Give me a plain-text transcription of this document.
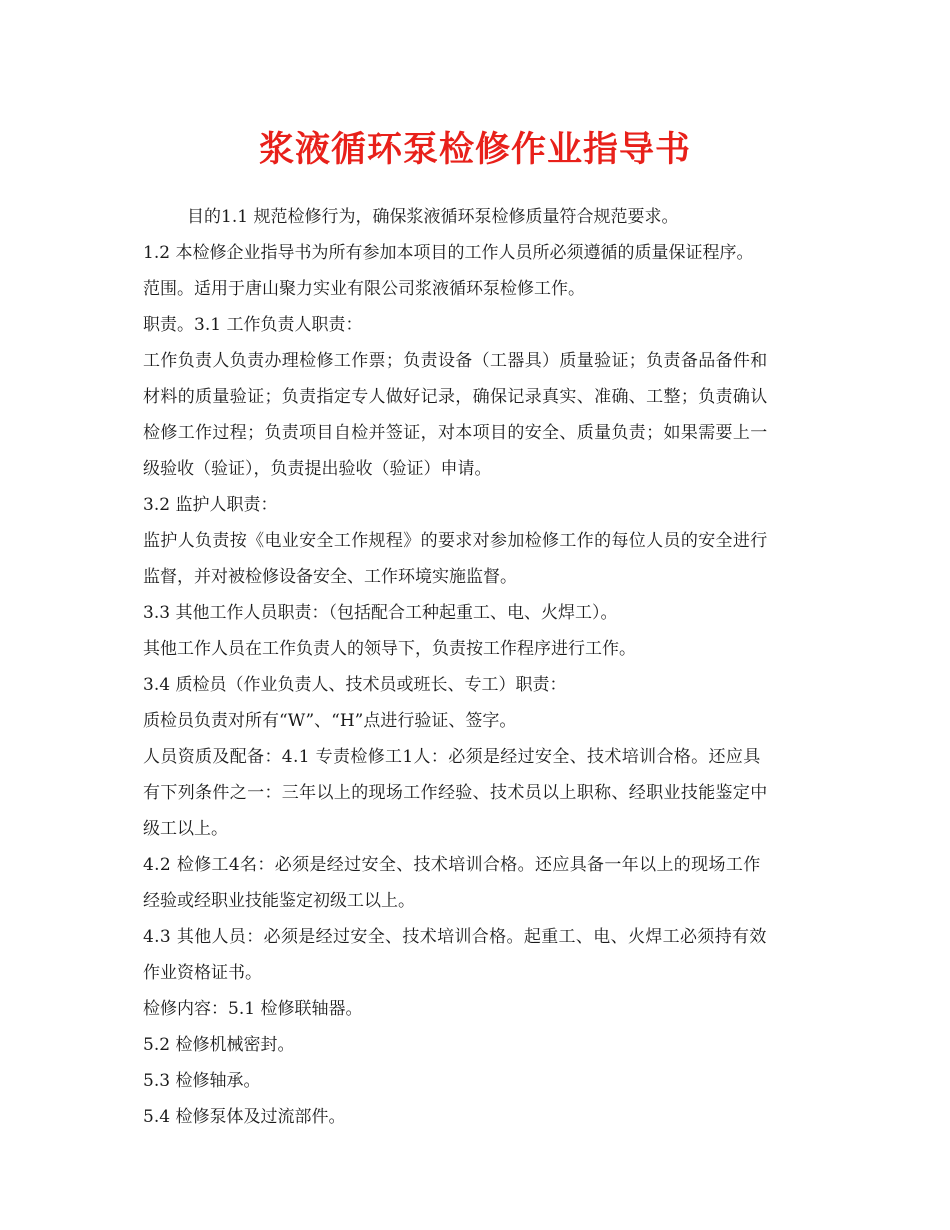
浆液循环泵检修作业指导书
目的1.1 规范检修行为，确保浆液循环泵检修质量符合规范要求。
1.2 本检修企业指导书为所有参加本项目的工作人员所必须遵循的质量保证程序。
范围。适用于唐山聚力实业有限公司浆液循环泵检修工作。
职责。3.1 工作负责人职责：
工作负责人负责办理检修工作票；负责设备（工器具）质量验证；负责备品备件和
材料的质量验证；负责指定专人做好记录，确保记录真实、准确、工整；负责确认
检修工作过程；负责项目自检并签证，对本项目的安全、质量负责；如果需要上一
级验收（验证），负责提出验收（验证）申请。
3.2 监护人职责：
监护人负责按《电业安全工作规程》的要求对参加检修工作的每位人员的安全进行
监督，并对被检修设备安全、工作环境实施监督。
3.3 其他工作人员职责：（包括配合工种起重工、电、火焊工）。
其他工作人员在工作负责人的领导下，负责按工作程序进行工作。
3.4 质检员（作业负责人、技术员或班长、专工）职责：
质检员负责对所有“W”、“H”点进行验证、签字。
人员资质及配备：4.1 专责检修工1人：必须是经过安全、技术培训合格。还应具
有下列条件之一：三年以上的现场工作经验、技术员以上职称、经职业技能鉴定中
级工以上。
4.2 检修工4名：必须是经过安全、技术培训合格。还应具备一年以上的现场工作
经验或经职业技能鉴定初级工以上。
4.3 其他人员：必须是经过安全、技术培训合格。起重工、电、火焊工必须持有效
作业资格证书。
检修内容：5.1 检修联轴器。
5.2 检修机械密封。
5.3 检修轴承。
5.4 检修泵体及过流部件。
